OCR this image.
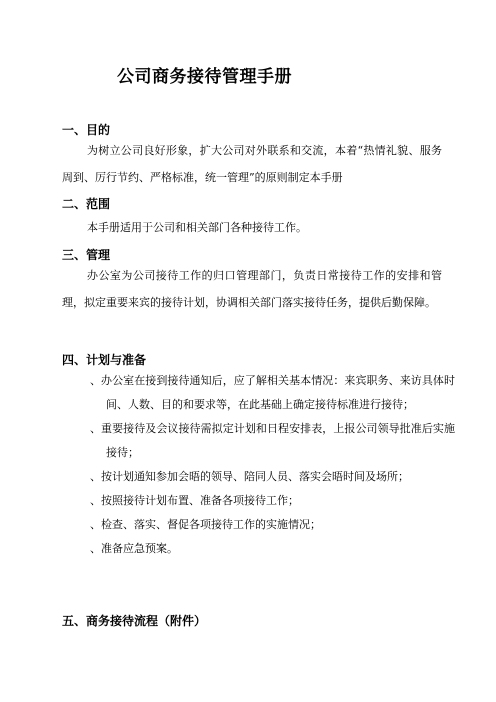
公司商务接待管理手册
一、目的
为树立公司良好形象，扩大公司对外联系和交流，本着“热情礼貌、服务周到、厉行节约、严格标准，统一管理”的原则制定本手册
二、范围
本手册适用于公司和相关部门各种接待工作。
三、管理
办公室为公司接待工作的归口管理部门，负责日常接待工作的安排和管理，拟定重要来宾的接待计划，协调相关部门落实接待任务，提供后勤保障。
四、计划与准备
、办公室在接到接待通知后，应了解相关基本情况：来宾职务、来访具体时间、人数、目的和要求等，在此基础上确定接待标准进行接待；
、重要接待及会议接待需拟定计划和日程安排表，上报公司领导批准后实施接待；
、按计划通知参加会晤的领导、陪同人员、落实会晤时间及场所；
、按照接待计划布置、准备各项接待工作；
、检查、落实、督促各项接待工作的实施情况；
、准备应急预案。
五、商务接待流程（附件）
